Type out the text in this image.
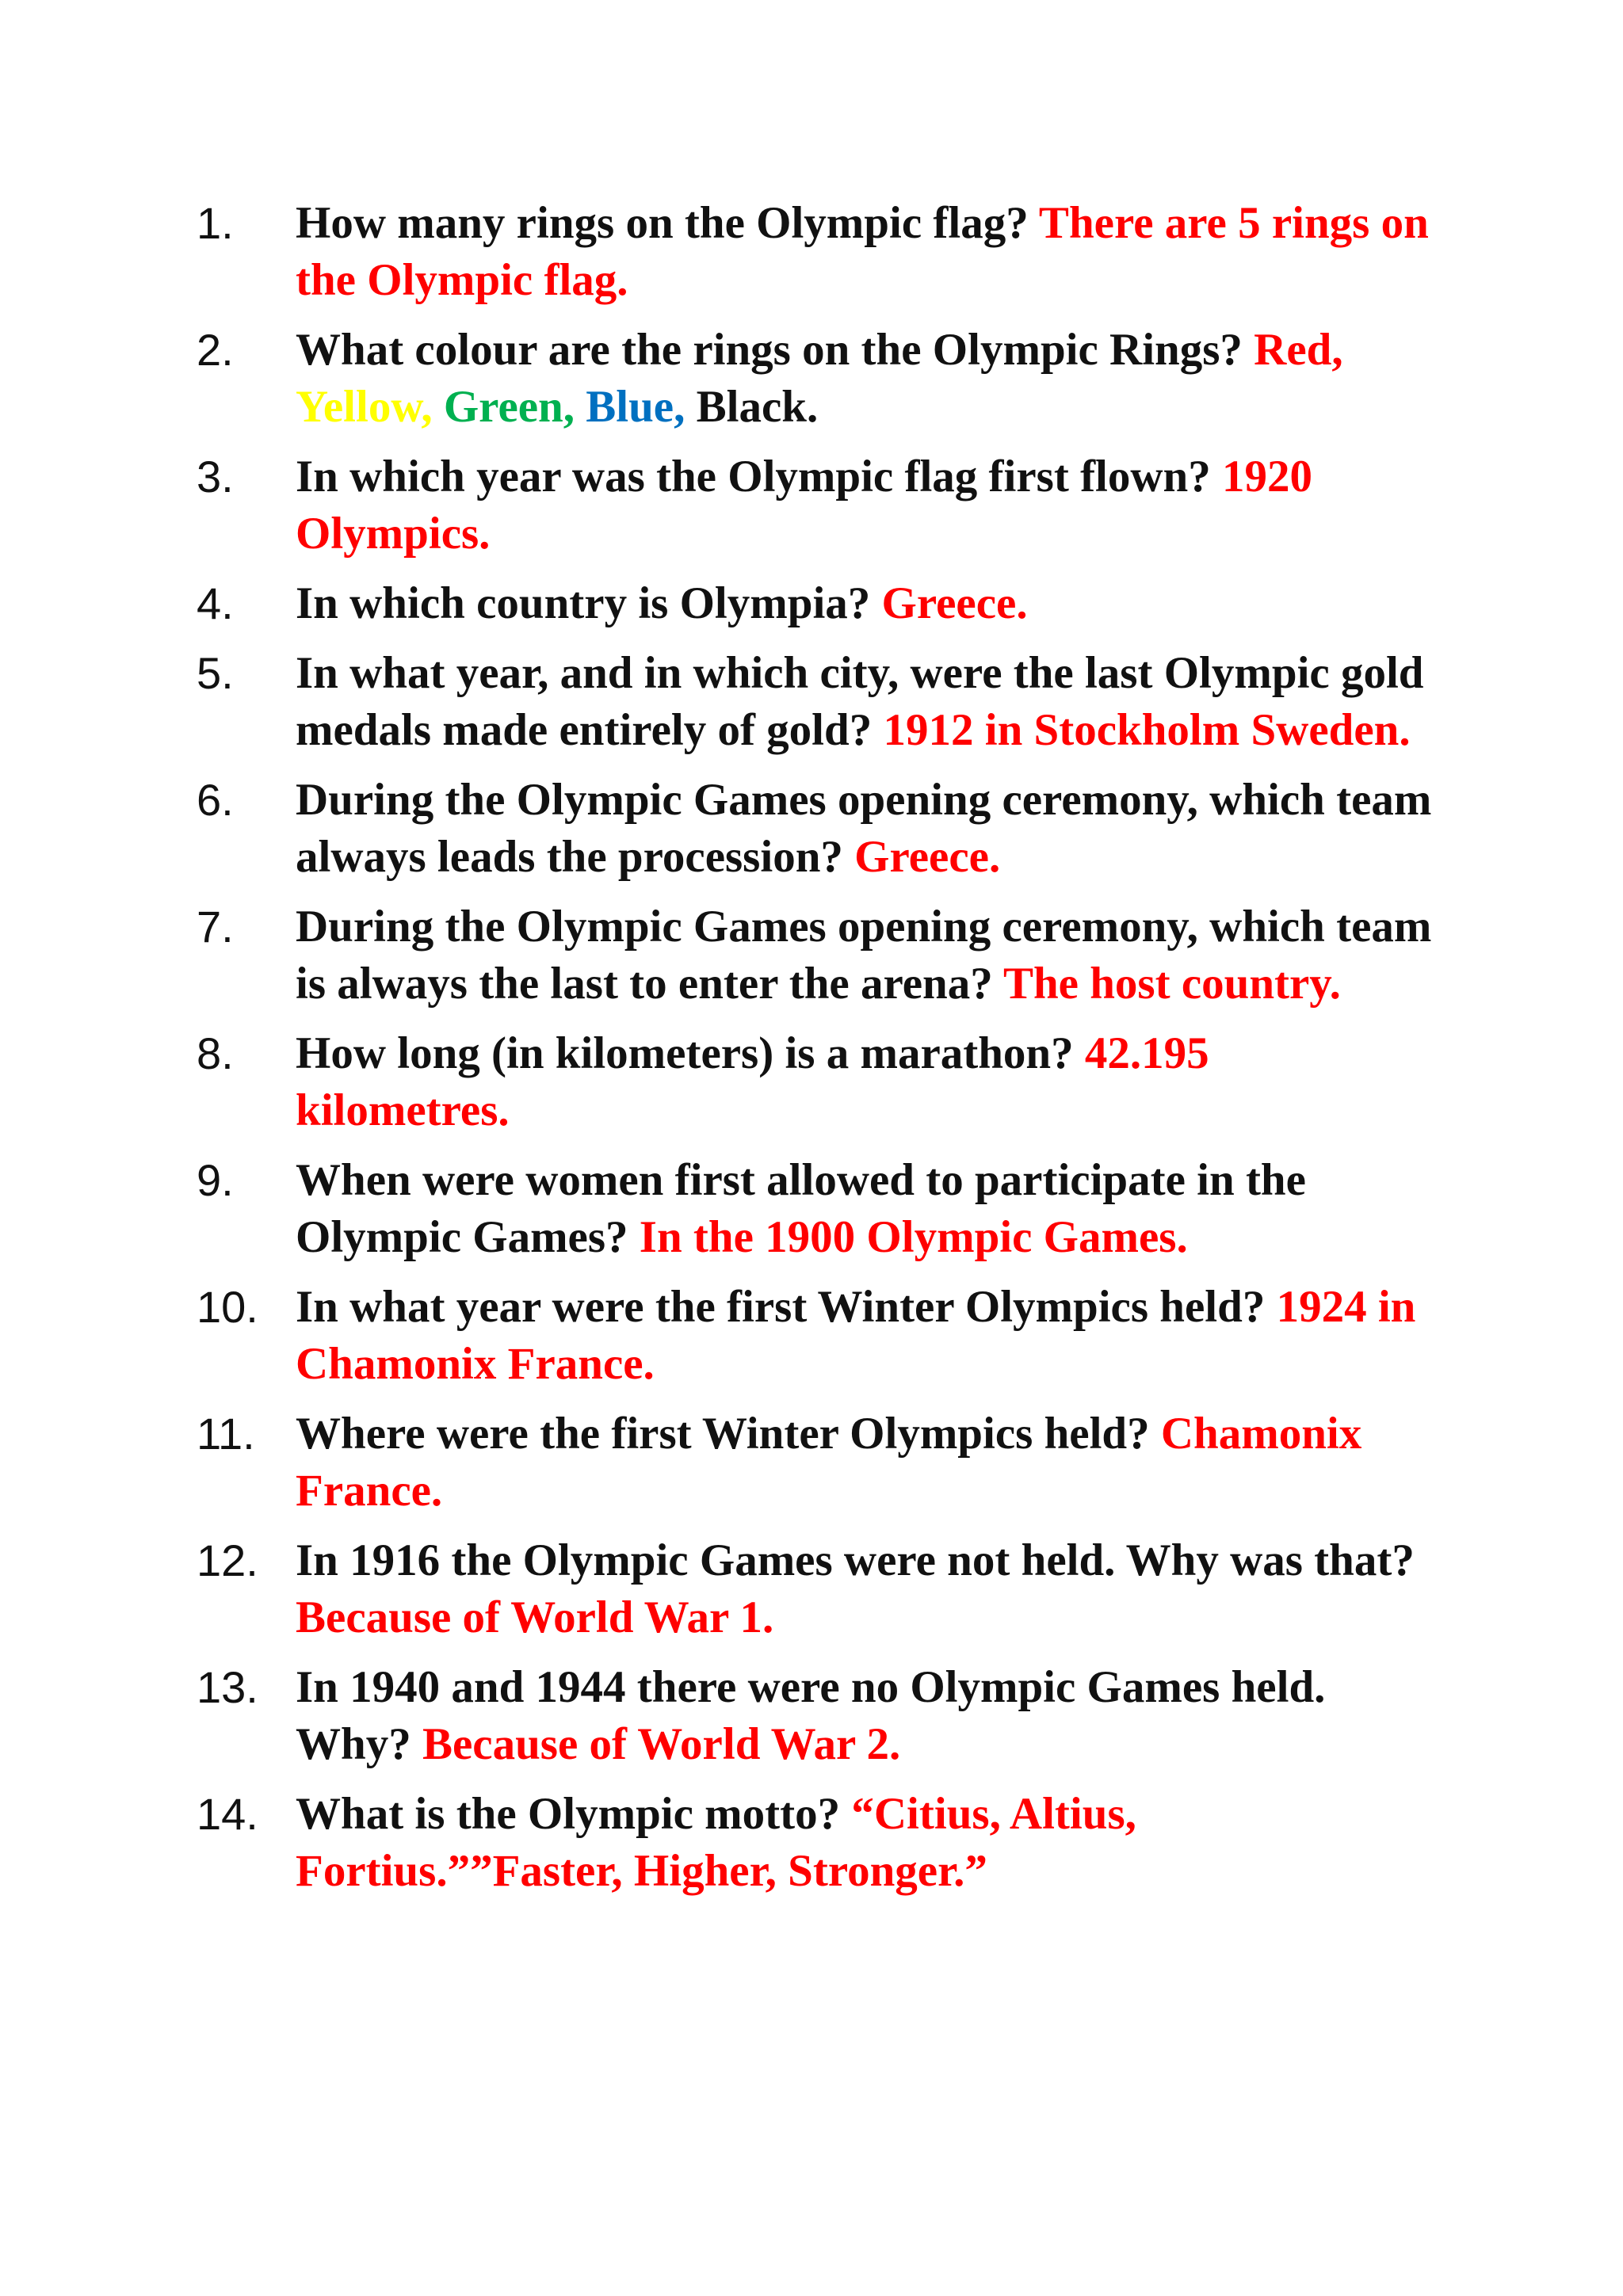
1.	How many rings on the Olympic flag? There are 5 rings on the Olympic flag.
2.	What colour are the rings on the Olympic Rings? Red, Yellow, Green, Blue, Black.
3.	In which year was the Olympic flag first flown? 1920 Olympics.
4.	In which country is Olympia? Greece.
5.	In what year, and in which city, were the last Olympic gold medals made entirely of gold? 1912 in Stockholm Sweden.
6.	During the Olympic Games opening ceremony, which team always leads the procession? Greece.
7.	During the Olympic Games opening ceremony, which team is always the last to enter the arena? The host country.
8.	How long (in kilometers) is a marathon? 42.195 kilometres.
9.	When were women first allowed to participate in the Olympic Games? In the 1900 Olympic Games.
10. In what year were the first Winter Olympics held? 1924 in Chamonix France.
11. Where were the first Winter Olympics held? Chamonix France.
12. In 1916 the Olympic Games were not held. Why was that? Because of World War 1.
13. In 1940 and 1944 there were no Olympic Games held. Why? Because of World War 2.
14. What is the Olympic motto? “Citius, Altius, Fortius.””Faster, Higher, Stronger.”
